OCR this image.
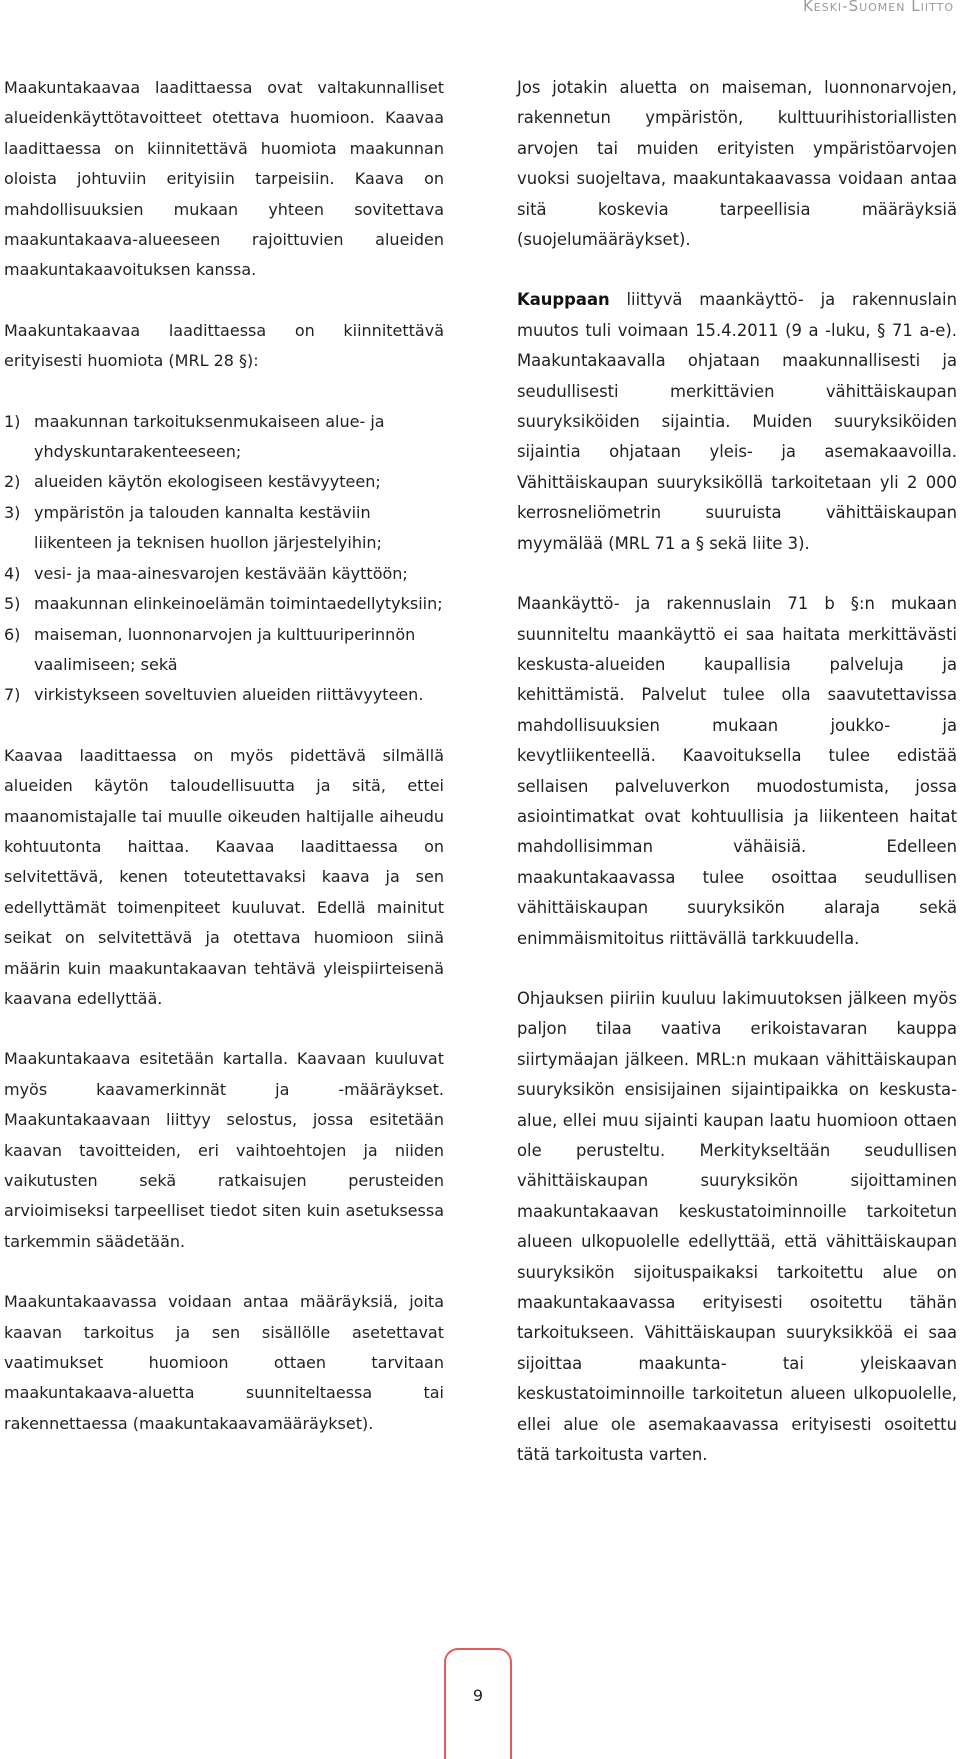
Keski-Suomen Liitto

Maakuntakaavaa laadittaessa ovat valtakunnalliset alueidenkäyttötavoitteet otettava huomioon. Kaavaa laadittaessa on kiinnitettävä huomiota maakunnan oloista johtuviin erityisiin tarpeisiin. Kaava on mahdollisuuksien mukaan yhteen sovitettava maakuntakaava-alueeseen rajoittuvien alueiden maakuntakaavoituksen kanssa.

Maakuntakaavaa laadittaessa on kiinnitettävä erityisesti huomiota (MRL 28 §):

1) maakunnan tarkoituksenmukaiseen alue- ja yhdyskuntarakenteeseen;
2) alueiden käytön ekologiseen kestävyyteen;
3) ympäristön ja talouden kannalta kestäviin liikenteen ja teknisen huollon järjestelyihin;
4) vesi- ja maa-ainesvarojen kestävään käyttöön;
5) maakunnan elinkeinoelämän toimintaedellytyksiin;
6) maiseman, luonnonarvojen ja kulttuuriperinnön vaalimiseen; sekä
7) virkistykseen soveltuvien alueiden riittävyyteen.

Kaavaa laadittaessa on myös pidettävä silmällä alueiden käytön taloudellisuutta ja sitä, ettei maanomistajalle tai muulle oikeuden haltijalle aiheudu kohtuutonta haittaa. Kaavaa laadittaessa on selvitettävä, kenen toteutettavaksi kaava ja sen edellyttämät toimenpiteet kuuluvat. Edellä mainitut seikat on selvitettävä ja otettava huomioon siinä määrin kuin maakuntakaavan tehtävä yleispiirteisenä kaavana edellyttää.

Maakuntakaava esitetään kartalla. Kaavaan kuuluvat myös kaavamerkinnät ja -määräykset. Maakuntakaavaan liittyy selostus, jossa esitetään kaavan tavoitteiden, eri vaihtoehtojen ja niiden vaikutusten sekä ratkaisujen perusteiden arvioimiseksi tarpeelliset tiedot siten kuin asetuksessa tarkemmin säädetään.

Maakuntakaavassa voidaan antaa määräyksiä, joita kaavan tarkoitus ja sen sisällölle asetettavat vaatimukset huomioon ottaen tarvitaan maakuntakaava-aluetta suunniteltaessa tai rakennettaessa (maakuntakaavamääräykset).

Jos jotakin aluetta on maiseman, luonnonarvojen, rakennetun ympäristön, kulttuurihistoriallisten arvojen tai muiden erityisten ympäristöarvojen vuoksi suojeltava, maakuntakaavassa voidaan antaa sitä koskevia tarpeellisia määräyksiä (suojelumääräykset).

Kauppaan liittyvä maankäyttö- ja rakennuslain muutos tuli voimaan 15.4.2011 (9 a -luku, § 71 a-e). Maakuntakaavalla ohjataan maakunnallisesti ja seudullisesti merkittävien vähittäiskaupan suuryksiköiden sijaintia. Muiden suuryksiköiden sijaintia ohjataan yleis- ja asemakaavoilla. Vähittäiskaupan suuryksiköllä tarkoitetaan yli 2 000 kerrosneliömetrin suuruista vähittäiskaupan myymälää (MRL 71 a § sekä liite 3).

Maankäyttö- ja rakennuslain 71 b §:n mukaan suunniteltu maankäyttö ei saa haitata merkittävästi keskusta-alueiden kaupallisia palveluja ja kehittämistä. Palvelut tulee olla saavutettavissa mahdollisuuksien mukaan joukko- ja kevytliikenteellä. Kaavoituksella tulee edistää sellaisen palveluverkon muodostumista, jossa asiointimatkat ovat kohtuullisia ja liikenteen haitat mahdollisimman vähäisiä. Edelleen maakuntakaavassa tulee osoittaa seudullisen vähittäiskaupan suuryksikön alaraja sekä enimmäismitoitus riittävällä tarkkuudella.

Ohjauksen piiriin kuuluu lakimuutoksen jälkeen myös paljon tilaa vaativa erikoistavaran kauppa siirtymäajan jälkeen. MRL:n mukaan vähittäiskaupan suuryksikön ensisijainen sijaintipaikka on keskusta-alue, ellei muu sijainti kaupan laatu huomioon ottaen ole perusteltu. Merkitykseltään seudullisen vähittäiskaupan suuryksikön sijoittaminen maakuntakaavan keskustatoiminnoille tarkoitetun alueen ulkopuolelle edellyttää, että vähittäiskaupan suuryksikön sijoituspaikaksi tarkoitettu alue on maakuntakaavassa erityisesti osoitettu tähän tarkoitukseen. Vähittäiskaupan suuryksikköä ei saa sijoittaa maakunta- tai yleiskaavan keskustatoiminnoille tarkoitetun alueen ulkopuolelle, ellei alue ole asemakaavassa erityisesti osoitettu tätä tarkoitusta varten.

9
